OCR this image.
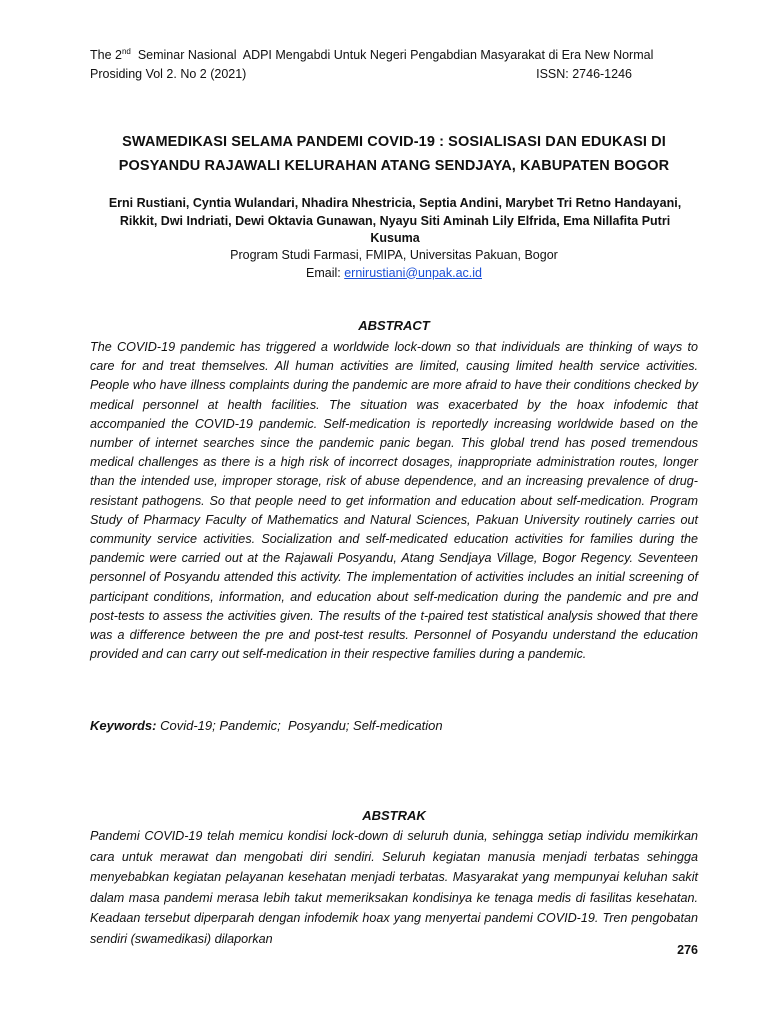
The 2nd  Seminar Nasional  ADPI Mengabdi Untuk Negeri Pengabdian Masyarakat di Era New Normal
Prosiding Vol 2. No 2 (2021)	ISSN: 2746-1246
SWAMEDIKASI SELAMA PANDEMI COVID-19 : SOSIALISASI DAN EDUKASI DI POSYANDU RAJAWALI KELURAHAN ATANG SENDJAYA, KABUPATEN BOGOR
Erni Rustiani, Cyntia Wulandari, Nhadira Nhestricia, Septia Andini, Marybet Tri Retno Handayani, Rikkit, Dwi Indriati, Dewi Oktavia Gunawan, Nyayu Siti Aminah Lily Elfrida, Ema Nillafita Putri Kusuma
Program Studi Farmasi, FMIPA, Universitas Pakuan, Bogor
Email: ernirustiani@unpak.ac.id
ABSTRACT
The COVID-19 pandemic has triggered a worldwide lock-down so that individuals are thinking of ways to care for and treat themselves. All human activities are limited, causing limited health service activities. People who have illness complaints during the pandemic are more afraid to have their conditions checked by medical personnel at health facilities. The situation was exacerbated by the hoax infodemic that accompanied the COVID-19 pandemic. Self-medication is reportedly increasing worldwide based on the number of internet searches since the pandemic panic began. This global trend has posed tremendous medical challenges as there is a high risk of incorrect dosages, inappropriate administration routes, longer than the intended use, improper storage, risk of abuse dependence, and an increasing prevalence of drug-resistant pathogens. So that people need to get information and education about self-medication. Program Study of Pharmacy Faculty of Mathematics and Natural Sciences, Pakuan University routinely carries out community service activities. Socialization and self-medicated education activities for families during the pandemic were carried out at the Rajawali Posyandu, Atang Sendjaya Village, Bogor Regency. Seventeen personnel of Posyandu attended this activity. The implementation of activities includes an initial screening of participant conditions, information, and education about self-medication during the pandemic and pre and post-tests to assess the activities given. The results of the t-paired test statistical analysis showed that there was a difference between the pre and post-test results. Personnel of Posyandu understand the education provided and can carry out self-medication in their respective families during a pandemic.
Keywords: Covid-19; Pandemic;  Posyandu; Self-medication
ABSTRAK
Pandemi COVID-19 telah memicu kondisi lock-down di seluruh dunia, sehingga setiap individu memikirkan cara untuk merawat dan mengobati diri sendiri. Seluruh kegiatan manusia menjadi terbatas sehingga menyebabkan kegiatan pelayanan kesehatan menjadi terbatas. Masyarakat yang mempunyai keluhan sakit dalam masa pandemi merasa lebih takut memeriksakan kondisinya ke tenaga medis di fasilitas kesehatan. Keadaan tersebut diperparah dengan infodemik hoax yang menyertai pandemi COVID-19. Tren pengobatan sendiri (swamedikasi) dilaporkan
276
